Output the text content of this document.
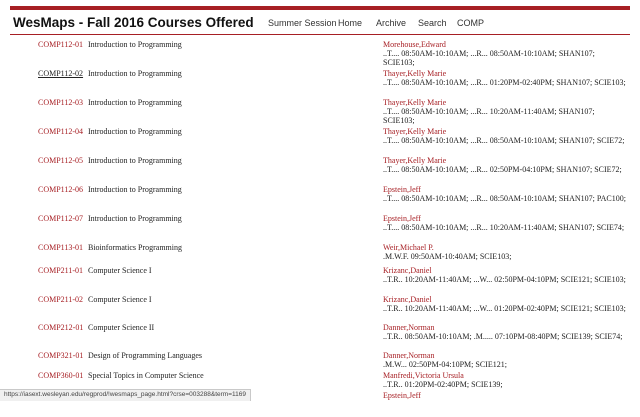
WesMaps - Fall 2016 Courses Offered Summer Session Home Archive Search COMP
COMP112-01 Introduction to Programming	Morehouse,Edward
..T.... 08:50AM-10:10AM; ...R... 08:50AM-10:10AM; SHAN107; SCIE103;
COMP112-02 Introduction to Programming	Thayer,Kelly Marie
..T.... 08:50AM-10:10AM; ...R... 01:20PM-02:40PM; SHAN107; SCIE103;
COMP112-03 Introduction to Programming	Thayer,Kelly Marie
..T.... 08:50AM-10:10AM; ...R... 10:20AM-11:40AM; SHAN107; SCIE103;
COMP112-04 Introduction to Programming	Thayer,Kelly Marie
..T.... 08:50AM-10:10AM; ...R... 08:50AM-10:10AM; SHAN107; SCIE72;
COMP112-05 Introduction to Programming	Thayer,Kelly Marie
..T.... 08:50AM-10:10AM; ...R... 02:50PM-04:10PM; SHAN107; SCIE72;
COMP112-06 Introduction to Programming	Epstein,Jeff
..T.... 08:50AM-10:10AM; ...R... 08:50AM-10:10AM; SHAN107; PAC100;
COMP112-07 Introduction to Programming	Epstein,Jeff
..T.... 08:50AM-10:10AM; ...R... 10:20AM-11:40AM; SHAN107; SCIE74;
COMP113-01 Bioinformatics Programming	Weir,Michael P.
.M.W.F. 09:50AM-10:40AM; SCIE103;
COMP211-01 Computer Science I	Krizanc,Daniel
..T.R.. 10:20AM-11:40AM; ...W... 02:50PM-04:10PM; SCIE121; SCIE103;
COMP211-02 Computer Science I	Krizanc,Daniel
..T.R.. 10:20AM-11:40AM; ...W... 01:20PM-02:40PM; SCIE121; SCIE103;
COMP212-01 Computer Science II	Danner,Norman
..T.R.. 08:50AM-10:10AM; .M..... 07:10PM-08:40PM; SCIE139; SCIE74;
COMP321-01 Design of Programming Languages	Danner,Norman
.M.W... 02:50PM-04:10PM; SCIE121;
COMP360-01 Special Topics in Computer Science	Manfredi,Victoria Ursula
..T.R.. 01:20PM-02:40PM; SCIE139;
Epstein,Jeff
https://iasext.wesleyan.edu/regprod/!wesmaps_page.html?crse=003288&term=1169
